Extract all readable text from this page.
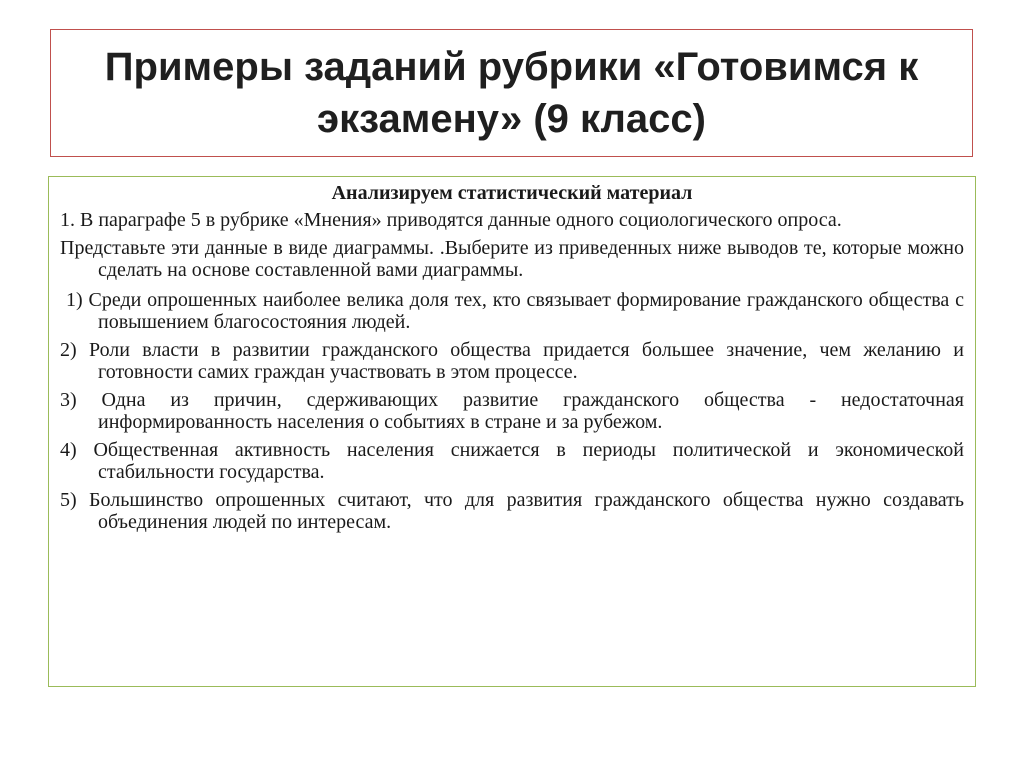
Примеры заданий рубрики «Готовимся к экзамену» (9 класс)
Анализируем статистический материал

1. В параграфе 5 в рубрике «Мнения» приводятся данные одного социологического опроса.

Представьте эти данные в виде диаграммы. .Выберите из приведенных ниже выводов те, которые можно сделать на основе составленной вами диаграммы.

1) Среди опрошенных наиболее велика доля тех, кто связывает формирование гражданского общества с повышением благосостояния людей.

2) Роли власти в развитии гражданского общества придается большее значение, чем желанию и готовности самих граждан участвовать в этом процессе.

3) Одна из причин, сдерживающих развитие гражданского общества - недостаточная информированность населения о событиях в стране и за рубежом.

4) Общественная активность населения снижается в периоды политической и экономической стабильности государства.

5) Большинство опрошенных считают, что для развития гражданского общества нужно создавать объединения людей по интересам.
